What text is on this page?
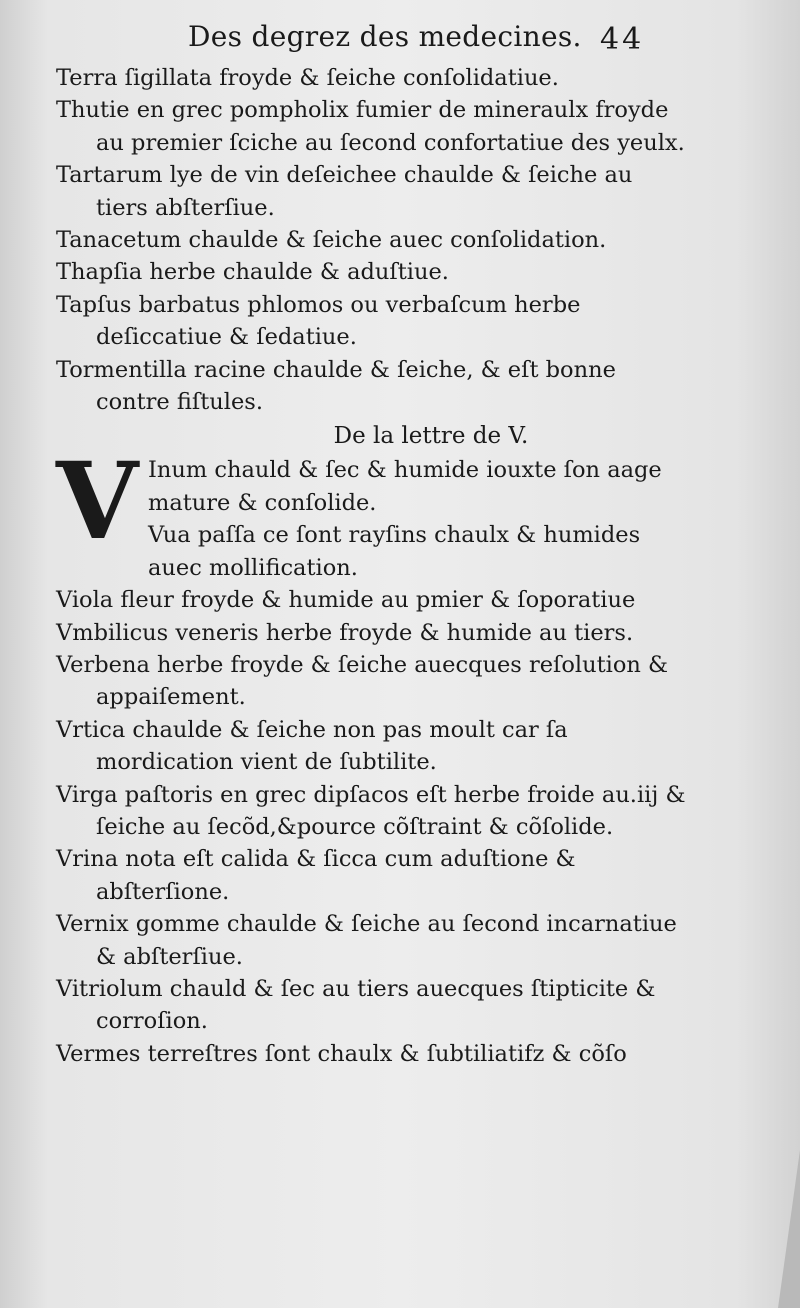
Des degrez des medecines. 44

Terra ſigillata froyde & ſeiche conſolidatiue.

Thutie en grec pompholix fumier de mineraulx froyde au premier ſciche au ſecond confortatiue des yeulx.

Tartarum lye de vin deſeichee chaulde & ſeiche au tiers abſterſiue.

Tanacetum chaulde & ſeiche auec conſolidation.

Thapſia herbe chaulde & aduſtiue.

Tapſus barbatus phlomos ou verbaſcum herbe deſiccatiue & ſedatiue.

Tormentilla racine chaulde & ſeiche, & eſt bonne contre fiſtules.

De la lettre de V.

V Inum chauld & ſec & humide iouxte ſon aage mature & conſolide.

Vua paſſa ce ſont rayſins chaulx & humides auec mollification.

Viola fleur froyde & humide au pmier & ſoporatiue

Vmbilicus veneris herbe froyde & humide au tiers.

Verbena herbe froyde & ſeiche auecques reſolution & appaiſement.

Vrtica chaulde & ſeiche non pas moult car ſa mordication vient de ſubtilite.

Virga paſtoris en grec dipſacos eſt herbe froide au.iij & ſeiche au ſecõd,&pource cõſtraint & cõſolide.

Vrina nota eſt calida & ſicca cum aduſtione & abſterſione.

Vernix gomme chaulde & ſeiche au ſecond incarnatiue & abſterſiue.

Vitriolum chauld & ſec au tiers auecques ſtipticite & corroſion.

Vermes terreſtres ſont chaulx & ſubtiliatifz & cõſo
